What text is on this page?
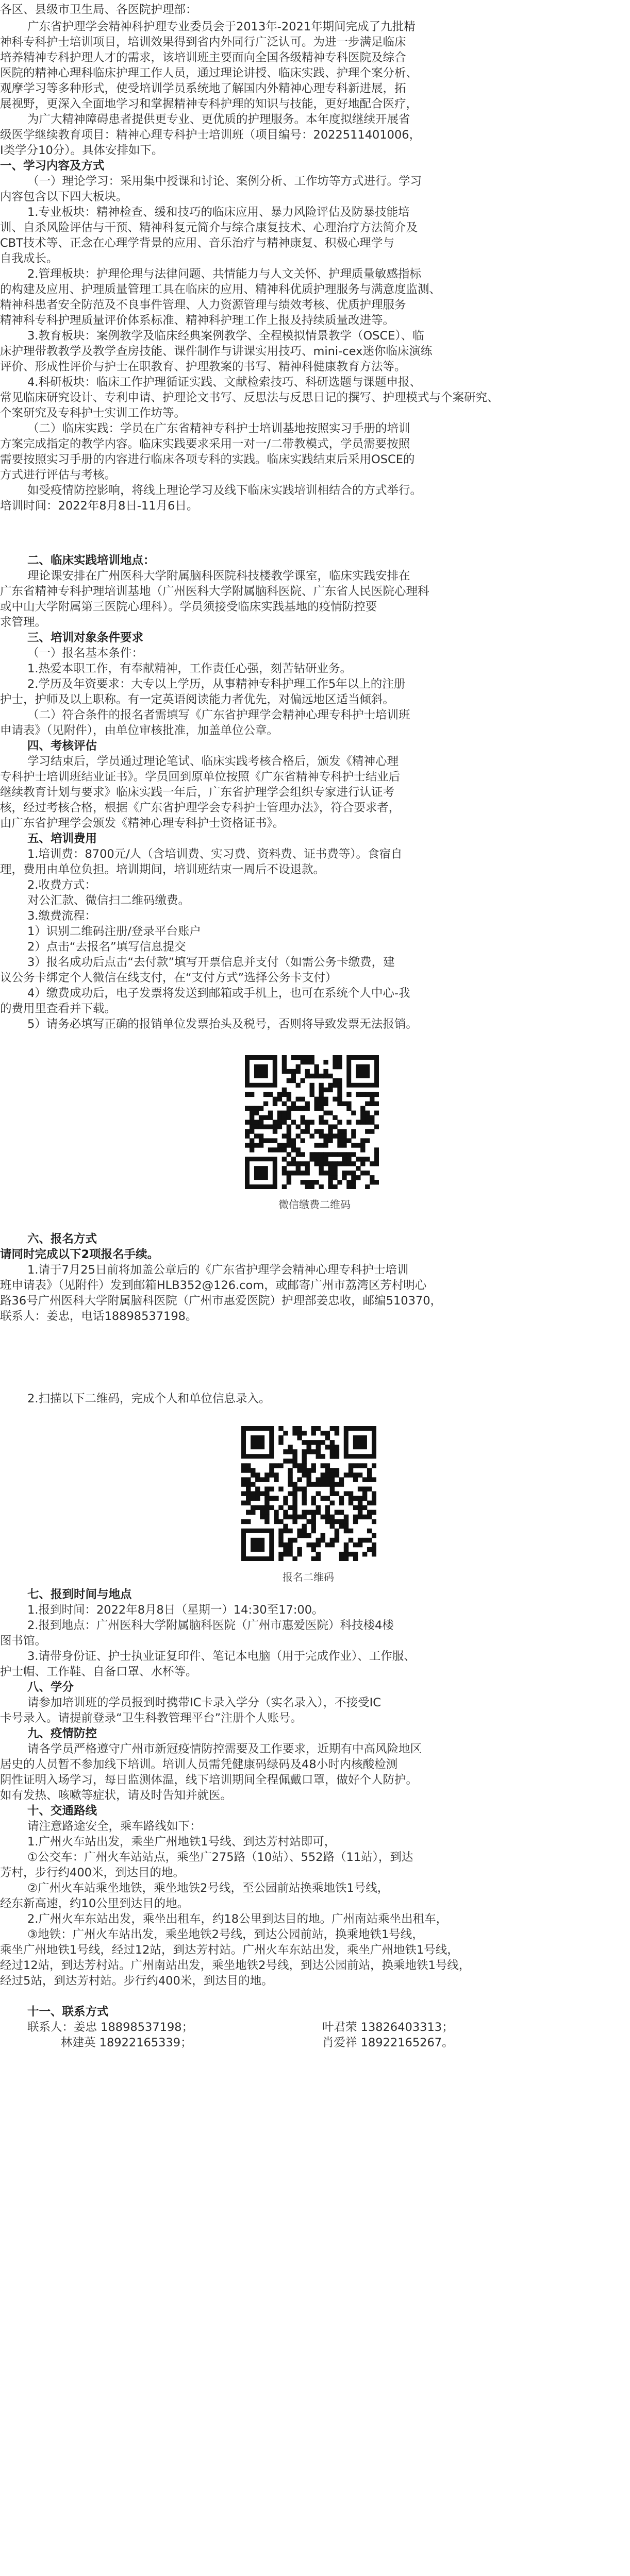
各区、县级市卫生局、各医院护理部：
广东省护理学会精神科护理专业委员会于2013年-2021年期间完成了九批精
神科专科护士培训项目，培训效果得到省内外同行广泛认可。为进一步满足临床
培养精神专科护理人才的需求，该培训班主要面向全国各级精神专科医院及综合
医院的精神心理科临床护理工作人员，通过理论讲授、临床实践、护理个案分析、
观摩学习等多种形式，使受培训学员系统地了解国内外精神心理专科新进展，拓
展视野，更深入全面地学习和掌握精神专科护理的知识与技能，更好地配合医疗，
为广大精神障碍患者提供更专业、更优质的护理服务。本年度拟继续开展省
级医学继续教育项目：精神心理专科护士培训班（项目编号：2022511401006，
Ⅰ类学分10分）。具体安排如下。
一、学习内容及方式
（一）理论学习：采用集中授课和讨论、案例分析、工作坊等方式进行。学习
内容包含以下四大板块。
1.专业板块：精神检查、缓和技巧的临床应用、暴力风险评估及防暴技能培
训、自杀风险评估与干预、精神科复元简介与综合康复技术、心理治疗方法简介及
CBT技术等、正念在心理学背景的应用、音乐治疗与精神康复、积极心理学与
自我成长。
2.管理板块：护理伦理与法律问题、共情能力与人文关怀、护理质量敏感指标
的构建及应用、护理质量管理工具在临床的应用、精神科优质护理服务与满意度监测、
精神科患者安全防范及不良事件管理、人力资源管理与绩效考核、优质护理服务
精神科专科护理质量评价体系标准、精神科护理工作上报及持续质量改进等。
3.教育板块：案例教学及临床经典案例教学、全程模拟情景教学（OSCE）、临
床护理带教教学及教学查房技能、课件制作与讲课实用技巧、mini-cex迷你临床演练
评价、形成性评价与护士在职教育、护理教案的书写、精神科健康教育方法等。
4.科研板块：临床工作护理循证实践、文献检索技巧、科研选题与课题申报、
常见临床研究设计、专利申请、护理论文书写、反思法与反思日记的撰写、护理模式与个案研究、
个案研究及专科护士实训工作坊等。
（二）临床实践：学员在广东省精神专科护士培训基地按照实习手册的培训
方案完成指定的教学内容。临床实践要求采用一对一/二带教模式，学员需要按照
需要按照实习手册的内容进行临床各项专科的实践。临床实践结束后采用OSCE的
方式进行评估与考核。
如受疫情防控影响，将线上理论学习及线下临床实践培训相结合的方式举行。
培训时间：2022年8月8日-11月6日。
二、临床实践培训地点：
理论课安排在广州医科大学附属脑科医院科技楼教学课室，临床实践安排在
广东省精神专科护理培训基地（广州医科大学附属脑科医院、广东省人民医院心理科
或中山大学附属第三医院心理科）。学员须接受临床实践基地的疫情防控要
求管理。
三、培训对象条件要求
（一）报名基本条件：
1.热爱本职工作，有奉献精神，工作责任心强，刻苦钻研业务。
2.学历及年资要求：大专以上学历，从事精神专科护理工作5年以上的注册
护士，护师及以上职称。有一定英语阅读能力者优先，对偏远地区适当倾斜。
（二）符合条件的报名者需填写《广东省护理学会精神心理专科护士培训班
申请表》（见附件），由单位审核批准，加盖单位公章。
四、考核评估
学习结束后，学员通过理论笔试、临床实践考核合格后，颁发《精神心理
专科护士培训班结业证书》。学员回到原单位按照《广东省精神专科护士结业后
继续教育计划与要求》临床实践一年后，广东省护理学会组织专家进行认证考
核，经过考核合格，根据《广东省护理学会专科护士管理办法》，符合要求者，
由广东省护理学会颁发《精神心理专科护士资格证书》。
五、培训费用
1.培训费：8700元/人（含培训费、实习费、资料费、证书费等）。食宿自
理，费用由单位负担。培训期间，培训班结束一周后不设退款。
2.收费方式：
对公汇款、微信扫二维码缴费。
3.缴费流程：
1）识别二维码注册/登录平台账户
2）点击“去报名”填写信息提交
3）报名成功后点击“去付款”填写开票信息并支付（如需公务卡缴费，建
议公务卡绑定个人微信在线支付，在“支付方式”选择公务卡支付）
4）缴费成功后，电子发票将发送到邮箱或手机上，也可在系统个人中心-我
的费用里查看并下载。
5）请务必填写正确的报销单位发票抬头及税号，否则将导致发票无法报销。
六、报名方式
请同时完成以下2项报名手续。
1.请于7月25日前将加盖公章后的《广东省护理学会精神心理专科护士培训
班申请表》（见附件）发到邮箱HLB352@126.com，或邮寄广州市荔湾区芳村明心
路36号广州医科大学附属脑科医院（广州市惠爱医院）护理部姜忠收，邮编510370，
联系人：姜忠，电话18898537198。
2.扫描以下二维码，完成个人和单位信息录入。
七、报到时间与地点
1.报到时间：2022年8月8日（星期一）14:30至17:00。
2.报到地点：广州医科大学附属脑科医院（广州市惠爱医院）科技楼4楼
图书馆。
3.请带身份证、护士执业证复印件、笔记本电脑（用于完成作业）、工作服、
护士帽、工作鞋、自备口罩、水杯等。
八、学分
请参加培训班的学员报到时携带IC卡录入学分（实名录入），不接受IC
卡号录入。请提前登录“卫生科教管理平台”注册个人账号。
九、疫情防控
请各学员严格遵守广州市新冠疫情防控需要及工作要求，近期有中高风险地区
居史的人员暂不参加线下培训。培训人员需凭健康码绿码及48小时内核酸检测
阴性证明入场学习，每日监测体温，线下培训期间全程佩戴口罩，做好个人防护。
如有发热、咳嗽等症状，请及时告知并就医。
十、交通路线
请注意路途安全，乘车路线如下：
1.广州火车站出发，乘坐广州地铁1号线、到达芳村站即可，
①公交车：广州火车站站点，乘坐广275路（10站）、552路（11站），到达
芳村，步行约400米，到达目的地。
②广州火车站乘坐地铁，乘坐地铁2号线，至公园前站换乘地铁1号线，
经东新高速，约10公里到达目的地。
2.广州火车东站出发，乘坐出租车，约18公里到达目的地。广州南站乘坐出租车，
③地铁：广州火车站出发，乘坐地铁2号线，到达公园前站，换乘地铁1号线，
乘坐广州地铁1号线，经过12站，到达芳村站。广州火车东站出发，乘坐广州地铁1号线，
经过12站，到达芳村站。广州南站出发，乘坐地铁2号线，到达公园前站，换乘地铁1号线，
经过5站，到达芳村站。步行约400米，到达目的地。
十一、联系方式
联系人：姜忠 18898537198；	叶君荣 13826403313；
林建英 18922165339；	肖爱祥 18922165267。
微信缴费二维码
报名二维码
